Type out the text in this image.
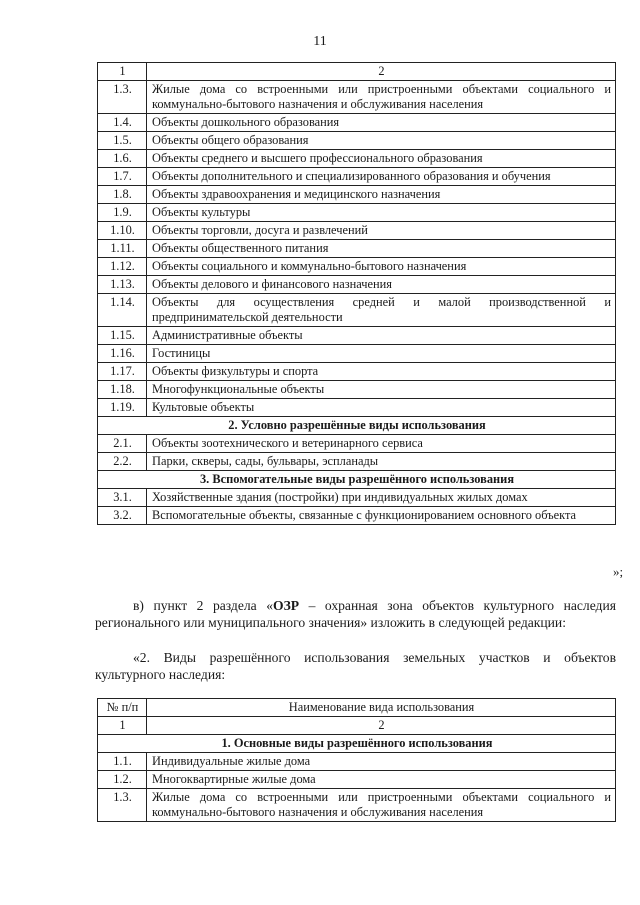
11
1	2
1.3.	Жилые дома со встроенными или пристроенными объектами социального и коммунально-бытового назначения и обслуживания населения
1.4.	Объекты дошкольного образования
1.5.	Объекты общего образования
1.6.	Объекты среднего и высшего профессионального образования
1.7.	Объекты дополнительного и специализированного образования и обучения
1.8.	Объекты здравоохранения и медицинского назначения
1.9.	Объекты культуры
1.10.	Объекты торговли, досуга и развлечений
1.11.	Объекты общественного питания
1.12.	Объекты социального и коммунально-бытового назначения
1.13.	Объекты делового и финансового назначения
1.14.	Объекты для осуществления средней и малой производственной и предпринимательской деятельности
1.15.	Административные объекты
1.16.	Гостиницы
1.17.	Объекты физкультуры и спорта
1.18.	Многофункциональные объекты
1.19.	Культовые объекты
2. Условно разрешённые виды использования	
2.1.	Объекты зоотехнического и ветеринарного сервиса
2.2.	Парки, скверы, сады, бульвары, эспланады
3. Вспомогательные виды разрешённого использования	
3.1.	Хозяйственные здания (постройки) при индивидуальных жилых домах
3.2.	Вспомогательные объекты, связанные с функционированием основного объекта
»;
в) пункт 2 раздела «ОЗР – охранная зона объектов культурного наследия регионального или муниципального значения» изложить в следующей редакции:
«2. Виды разрешённого использования земельных участков и объектов культурного наследия:
№ п/п	Наименование вида использования
1	2
1. Основные виды разрешённого использования	
1.1.	Индивидуальные жилые дома
1.2.	Многоквартирные жилые дома
1.3.	Жилые дома со встроенными или пристроенными объектами социального и коммунально-бытового назначения и обслуживания населения
